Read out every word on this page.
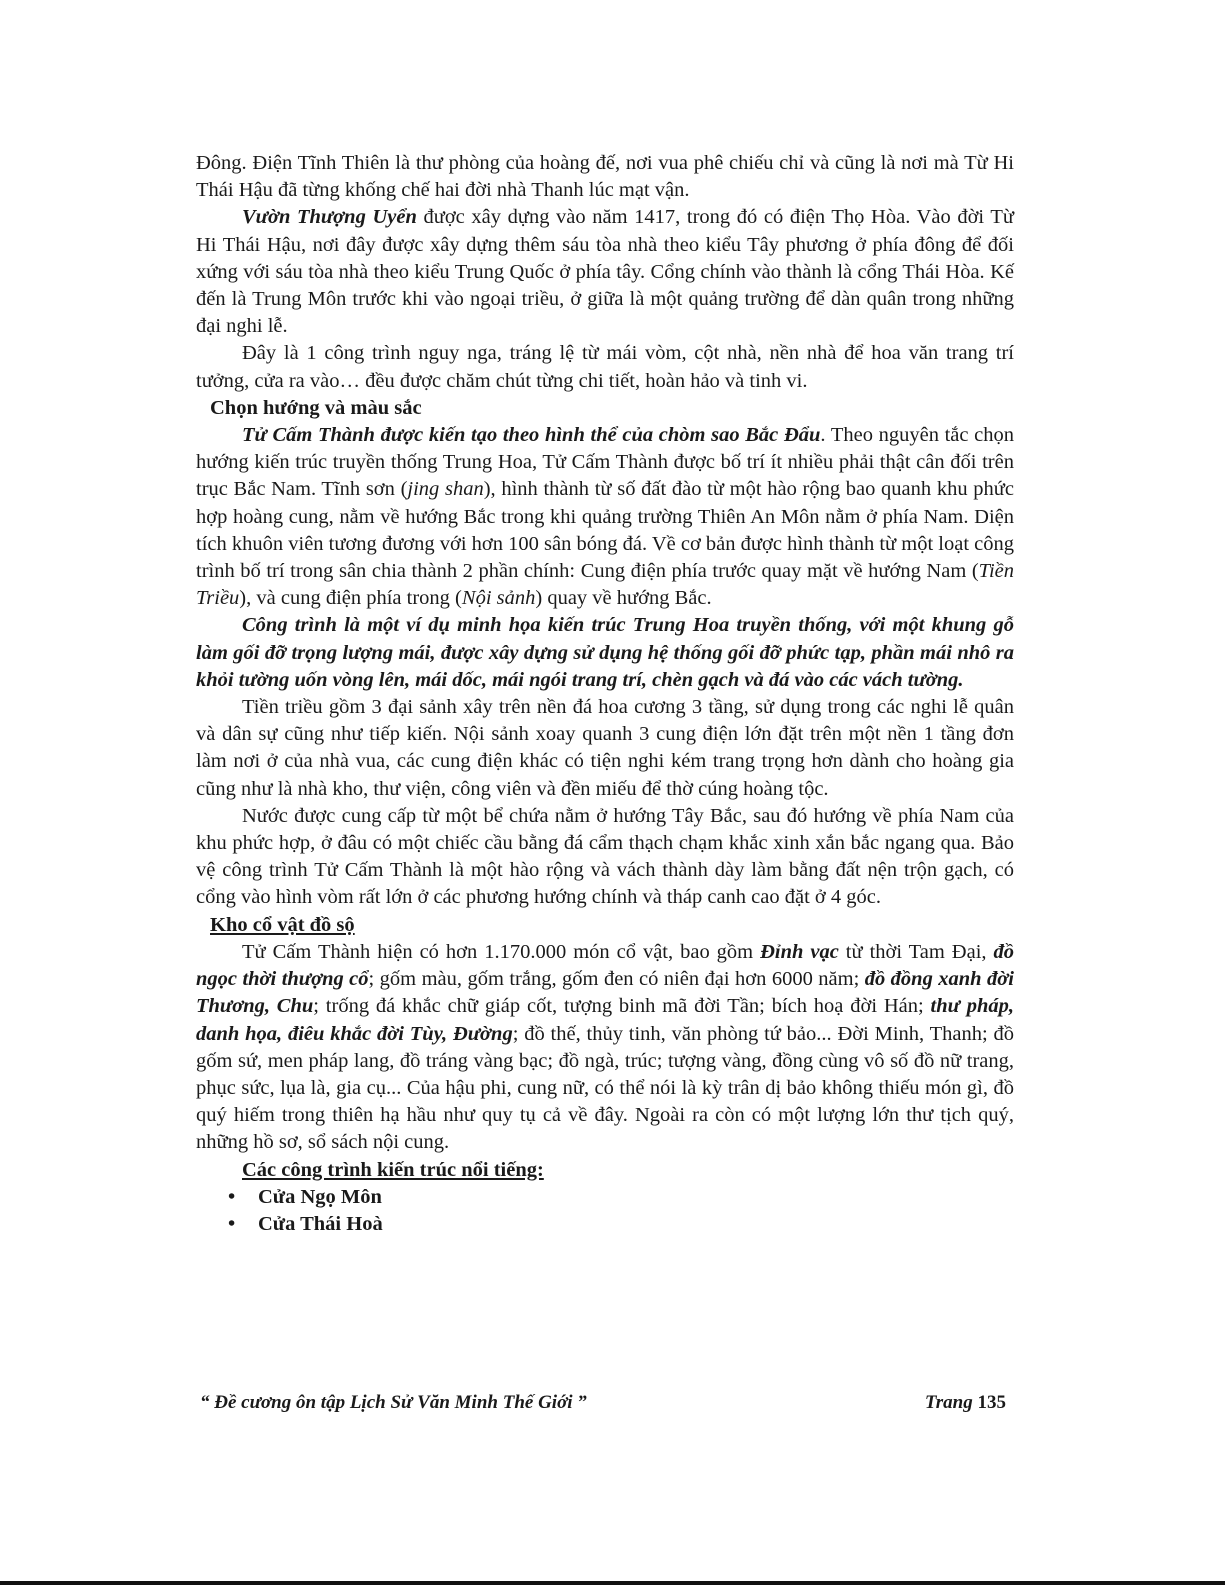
Đông. Điện Tĩnh Thiên là thư phòng của hoàng đế, nơi vua phê chiếu chỉ và cũng là nơi mà Từ Hi Thái Hậu đã từng khống chế hai đời nhà Thanh lúc mạt vận.

Vườn Thượng Uyển được xây dựng vào năm 1417, trong đó có điện Thọ Hòa. Vào đời Từ Hi Thái Hậu, nơi đây được xây dựng thêm sáu tòa nhà theo kiểu Tây phương ở phía đông để đối xứng với sáu tòa nhà theo kiểu Trung Quốc ở phía tây. Cổng chính vào thành là cổng Thái Hòa. Kế đến là Trung Môn trước khi vào ngoại triều, ở giữa là một quảng trường để dàn quân trong những đại nghi lễ.

Đây là 1 công trình nguy nga, tráng lệ từ mái vòm, cột nhà, nền nhà để hoa văn trang trí tưởng, cửa ra vào… đều được chăm chút từng chi tiết, hoàn hảo và tinh vi.

Chọn hướng và màu sắc

Tử Cấm Thành được kiến tạo theo hình thể của chòm sao Bắc Đẩu. Theo nguyên tắc chọn hướng kiến trúc truyền thống Trung Hoa, Tử Cấm Thành được bố trí ít nhiều phải thật cân đối trên trục Bắc Nam. Tĩnh sơn (jing shan), hình thành từ số đất đào từ một hào rộng bao quanh khu phức hợp hoàng cung, nằm về hướng Bắc trong khi quảng trường Thiên An Môn nằm ở phía Nam. Diện tích khuôn viên tương đương với hơn 100 sân bóng đá. Về cơ bản được hình thành từ một loạt công trình bố trí trong sân chia thành 2 phần chính: Cung điện phía trước quay mặt về hướng Nam (Tiền Triều), và cung điện phía trong (Nội sảnh) quay về hướng Bắc.

Công trình là một ví dụ minh họa kiến trúc Trung Hoa truyền thống, với một khung gỗ làm gối đỡ trọng lượng mái, được xây dựng sử dụng hệ thống gối đỡ phức tạp, phần mái nhô ra khỏi tường uốn vòng lên, mái dốc, mái ngói trang trí, chèn gạch và đá vào các vách tường.

Tiền triều gồm 3 đại sảnh xây trên nền đá hoa cương 3 tầng, sử dụng trong các nghi lễ quân và dân sự cũng như tiếp kiến. Nội sảnh xoay quanh 3 cung điện lớn đặt trên một nền 1 tầng đơn làm nơi ở của nhà vua, các cung điện khác có tiện nghi kém trang trọng hơn dành cho hoàng gia cũng như là nhà kho, thư viện, công viên và đền miếu để thờ cúng hoàng tộc.

Nước được cung cấp từ một bể chứa nằm ở hướng Tây Bắc, sau đó hướng về phía Nam của khu phức hợp, ở đâu có một chiếc cầu bằng đá cẩm thạch chạm khắc xinh xắn bắc ngang qua. Bảo vệ công trình Tử Cấm Thành là một hào rộng và vách thành dày làm bằng đất nện trộn gạch, có cổng vào hình vòm rất lớn ở các phương hướng chính và tháp canh cao đặt ở 4 góc.

Kho cổ vật đồ sộ

Tử Cấm Thành hiện có hơn 1.170.000 món cổ vật, bao gồm Đỉnh vạc từ thời Tam Đại, đồ ngọc thời thượng cổ; gốm màu, gốm trắng, gốm đen có niên đại hơn 6000 năm; đồ đồng xanh đời Thương, Chu; trống đá khắc chữ giáp cốt, tượng binh mã đời Tần; bích hoạ đời Hán; thư pháp, danh họa, điêu khắc đời Tùy, Đường; đồ thế, thủy tinh, văn phòng tứ bảo... Đời Minh, Thanh; đồ gốm sứ, men pháp lang, đồ tráng vàng bạc; đồ ngà, trúc; tượng vàng, đồng cùng vô số đồ nữ trang, phục sức, lụa là, gia cụ... Của hậu phi, cung nữ, có thể nói là kỳ trân dị bảo không thiếu món gì, đồ quý hiếm trong thiên hạ hầu như quy tụ cả về đây. Ngoài ra còn có một lượng lớn thư tịch quý, những hồ sơ, sổ sách nội cung.

Các công trình kiến trúc nổi tiếng:

• Cửa Ngọ Môn
• Cửa Thái Hoà
“ Đề cương ôn tập Lịch Sử Văn Minh Thế Giới ”	Trang 135
